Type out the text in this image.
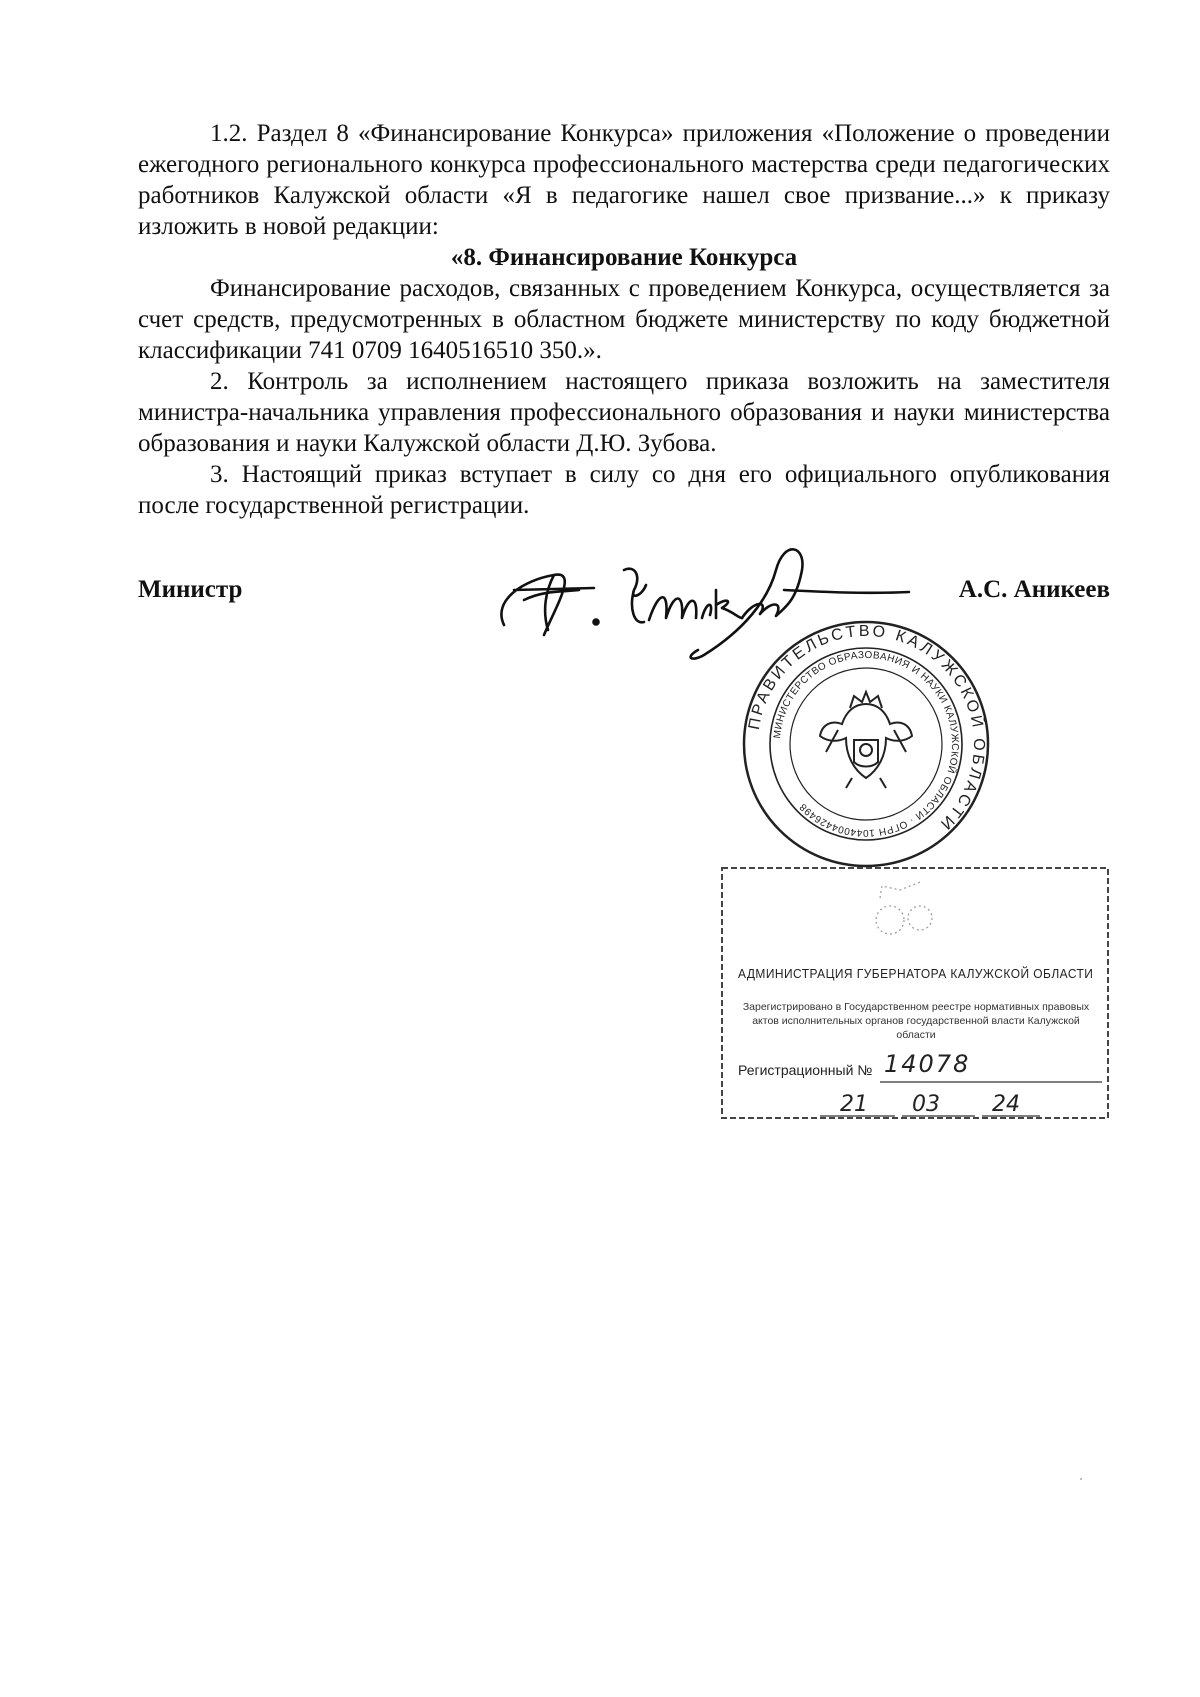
1.2. Раздел 8 «Финансирование Конкурса» приложения «Положение о проведении ежегодного регионального конкурса профессионального мастерства среди педагогических работников Калужской области «Я в педагогике нашел свое призвание...» к приказу изложить в новой редакции:

«8. Финансирование Конкурса

Финансирование расходов, связанных с проведением Конкурса, осуществляется за счет средств, предусмотренных в областном бюджете министерству по коду бюджетной классификации 741 0709 1640516510 350.».

2. Контроль за исполнением настоящего приказа возложить на заместителя министра-начальника управления профессионального образования и науки министерства образования и науки Калужской области Д.Ю. Зубова.

3. Настоящий приказ вступает в силу со дня его официального опубликования после государственной регистрации.

Министр	А.С. Аникеев
ПРАВИТЕЛЬСТВО КАЛУЖСКОЙ ОБЛАСТИ
МИНИСТЕРСТВО ОБРАЗОВАНИЯ И НАУКИ КАЛУЖСКОЙ ОБЛАСТИ · ОГРН 1044004426498
АДМИНИСТРАЦИЯ ГУБЕРНАТОРА КАЛУЖСКОЙ ОБЛАСТИ
Зарегистрировано в Государственном реестре нормативных правовых актов исполнительных органов государственной власти Калужской области
Регистрационный № 14078
21 03 24
